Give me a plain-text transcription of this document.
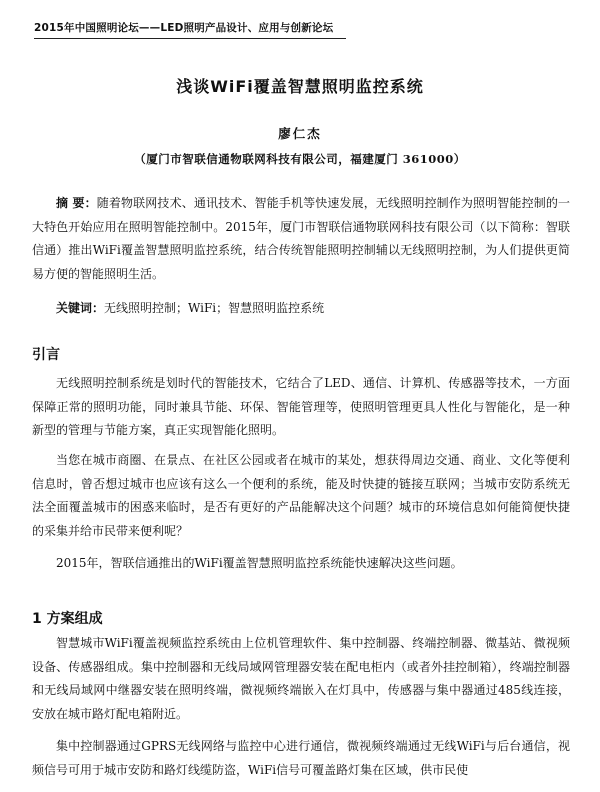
2015年中国照明论坛——LED照明产品设计、应用与创新论坛
浅谈WiFi覆盖智慧照明监控系统
廖仁杰
（厦门市智联信通物联网科技有限公司，福建厦门 361000）

摘 要：随着物联网技术、通讯技术、智能手机等快速发展，无线照明控制作为照明智能控制的一大特色开始应用在照明智能控制中。2015年，厦门市智联信通物联网科技有限公司（以下简称：智联信通）推出WiFi覆盖智慧照明监控系统，结合传统智能照明控制辅以无线照明控制，为人们提供更简易方便的智能照明生活。

关键词：无线照明控制；WiFi；智慧照明监控系统

引言

无线照明控制系统是划时代的智能技术，它结合了LED、通信、计算机、传感器等技术，一方面保障正常的照明功能，同时兼具节能、环保、智能管理等，使照明管理更具人性化与智能化，是一种新型的管理与节能方案，真正实现智能化照明。

当您在城市商圈、在景点、在社区公园或者在城市的某处，想获得周边交通、商业、文化等便利信息时，曾否想过城市也应该有这么一个便利的系统，能及时快捷的链接互联网；当城市安防系统无法全面覆盖城市的困惑来临时，是否有更好的产品能解决这个问题？城市的环境信息如何能简便快捷的采集并给市民带来便利呢？

2015年，智联信通推出的WiFi覆盖智慧照明监控系统能快速解决这些问题。

1 方案组成

智慧城市WiFi覆盖视频监控系统由上位机管理软件、集中控制器、终端控制器、微基站、微视频设备、传感器组成。集中控制器和无线局域网管理器安装在配电柜内（或者外挂控制箱），终端控制器和无线局域网中继器安装在照明终端，微视频终端嵌入在灯具中，传感器与集中器通过485线连接，安放在城市路灯配电箱附近。

集中控制器通过GPRS无线网络与监控中心进行通信，微视频终端通过无线WiFi与后台通信，视频信号可用于城市安防和路灯线缆防盗，WiFi信号可覆盖路灯集在区域，供市民使
